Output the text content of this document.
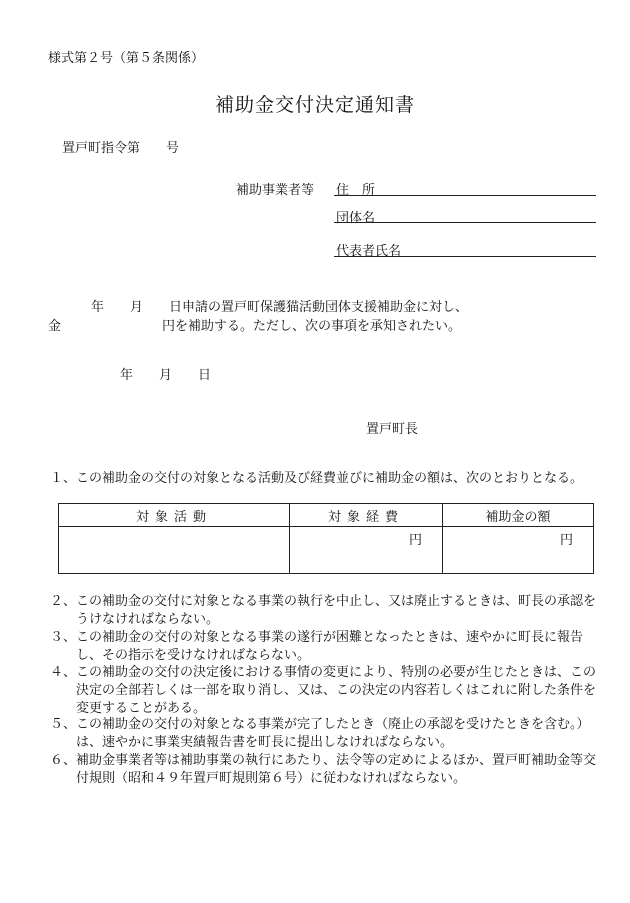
様式第２号（第５条関係）
補助金交付決定通知書
置戸町指令第　　号
補助事業者等 住　所
団体名
代表者氏名
年　　月　　日申請の置戸町保護猫活動団体支援補助金に対し、
金	円を補助する。ただし、次の事項を承知されたい。
年　　月　　日
置戸町長
１、 この補助金の交付の対象となる活動及び経費並びに補助金の額は、次のとおりとなる。
対象活動	対象経費	補助金の額
	円	円
２、 この補助金の交付に対象となる事業の執行を中止し、又は廃止するときは、町長の承認をうけなければならない。
３、 この補助金の交付の対象となる事業の遂行が困難となったときは、速やかに町長に報告し、その指示を受けなければならない。
４、 この補助金の交付の決定後における事情の変更により、特別の必要が生じたときは、この決定の全部若しくは一部を取り消し、又は、この決定の内容若しくはこれに附した条件を変更することがある。
５、 この補助金の交付の対象となる事業が完了したとき（廃止の承認を受けたときを含む。）は、速やかに事業実績報告書を町長に提出しなければならない。
６、 補助金事業者等は補助事業の執行にあたり、法令等の定めによるほか、置戸町補助金等交付規則（昭和４９年置戸町規則第６号）に従わなければならない。
